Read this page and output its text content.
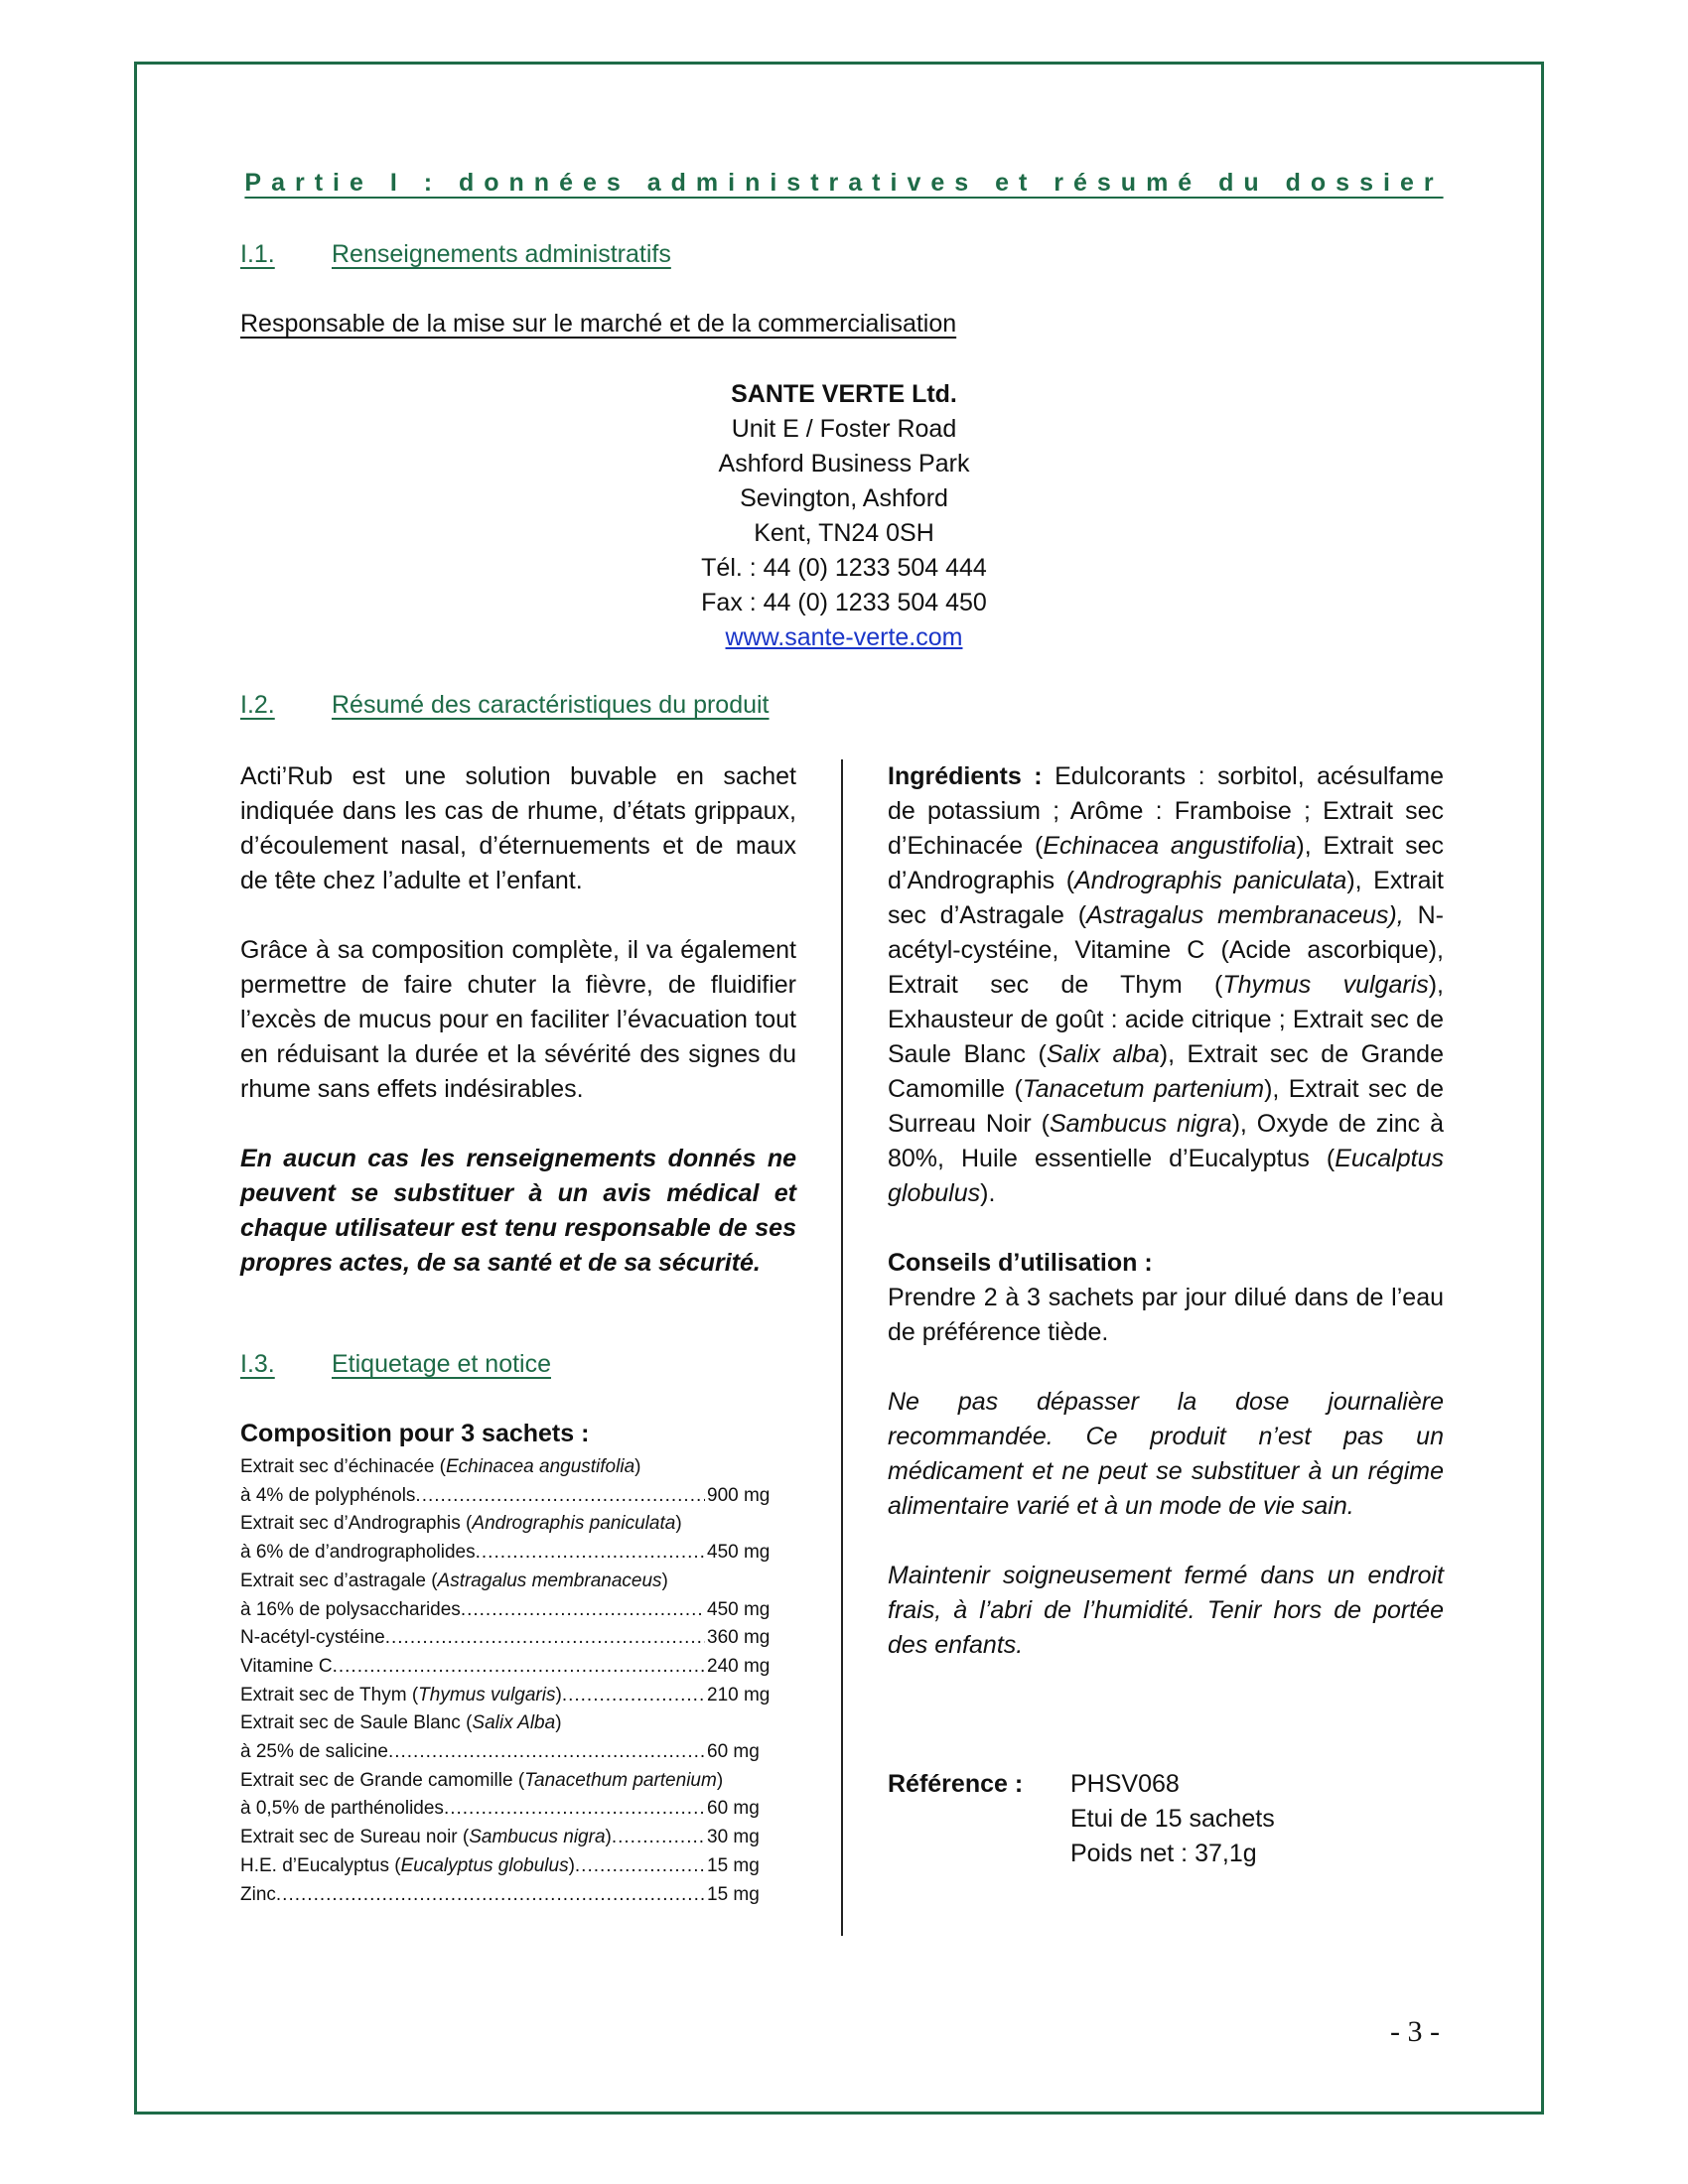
Partie I : données administratives et résumé du dossier
I.1. Renseignements administratifs
Responsable de la mise sur le marché et de la commercialisation
SANTE VERTE Ltd.
Unit E / Foster Road
Ashford Business Park
Sevington, Ashford
Kent, TN24 0SH
Tél. : 44 (0) 1233 504 444
Fax : 44 (0) 1233 504 450
www.sante-verte.com
I.2. Résumé des caractéristiques du produit

Acti’Rub est une solution buvable en sachet indiquée dans les cas de rhume, d’états grippaux, d’écoulement nasal, d’éternuements et de maux de tête chez l’adulte et l’enfant.

Grâce à sa composition complète, il va également permettre de faire chuter la fièvre, de fluidifier l’excès de mucus pour en faciliter l’évacuation tout en réduisant la durée et la sévérité des signes du rhume sans effets indésirables.

En aucun cas les renseignements donnés ne peuvent se substituer à un avis médical et chaque utilisateur est tenu responsable de ses propres actes, de sa santé et de sa sécurité.

I.3. Etiquetage et notice
Composition pour 3 sachets :
Extrait sec d’échinacée (Echinacea angustifolia)
à 4% de polyphénols .....	900 mg
Extrait sec d’Andrographis (Andrographis paniculata)
à 6% de d’andrographolides .....	450 mg
Extrait sec d’astragale (Astragalus membranaceus)
à 16% de polysaccharides .....	450 mg
N-acétyl-cystéine .....	360 mg
Vitamine C .....	240 mg
Extrait sec de Thym (Thymus vulgaris) .....	210 mg
Extrait sec de Saule Blanc (Salix Alba)
à 25% de salicine .....	60 mg
Extrait sec de Grande camomille (Tanacethum partenium)
à 0,5% de parthénolides .....	60 mg
Extrait sec de Sureau noir (Sambucus nigra) .....	30 mg
H.E. d’Eucalyptus (Eucalyptus globulus) .....	15 mg
Zinc .....	15 mg

Ingrédients : Edulcorants : sorbitol, acésulfame de potassium ; Arôme : Framboise ; Extrait sec d’Echinacée (Echinacea angustifolia), Extrait sec d’Andrographis (Andrographis paniculata), Extrait sec d’Astragale (Astragalus membranaceus), N-acétyl-cystéine, Vitamine C (Acide ascorbique), Extrait sec de Thym (Thymus vulgaris), Exhausteur de goût : acide citrique ; Extrait sec de Saule Blanc (Salix alba), Extrait sec de Grande Camomille (Tanacetum partenium), Extrait sec de Surreau Noir (Sambucus nigra), Oxyde de zinc à 80%, Huile essentielle d’Eucalyptus (Eucalptus globulus).

Conseils d’utilisation :

Prendre 2 à 3 sachets par jour dilué dans de l’eau de préférence tiède.

Ne pas dépasser la dose journalière recommandée. Ce produit n’est pas un médicament et ne peut se substituer à un régime alimentaire varié et à un mode de vie sain.

Maintenir soigneusement fermé dans un endroit frais, à l’abri de l’humidité. Tenir hors de portée des enfants.

Référence : PHSV068
Etui de 15 sachets
Poids net : 37,1g
- 3 -
